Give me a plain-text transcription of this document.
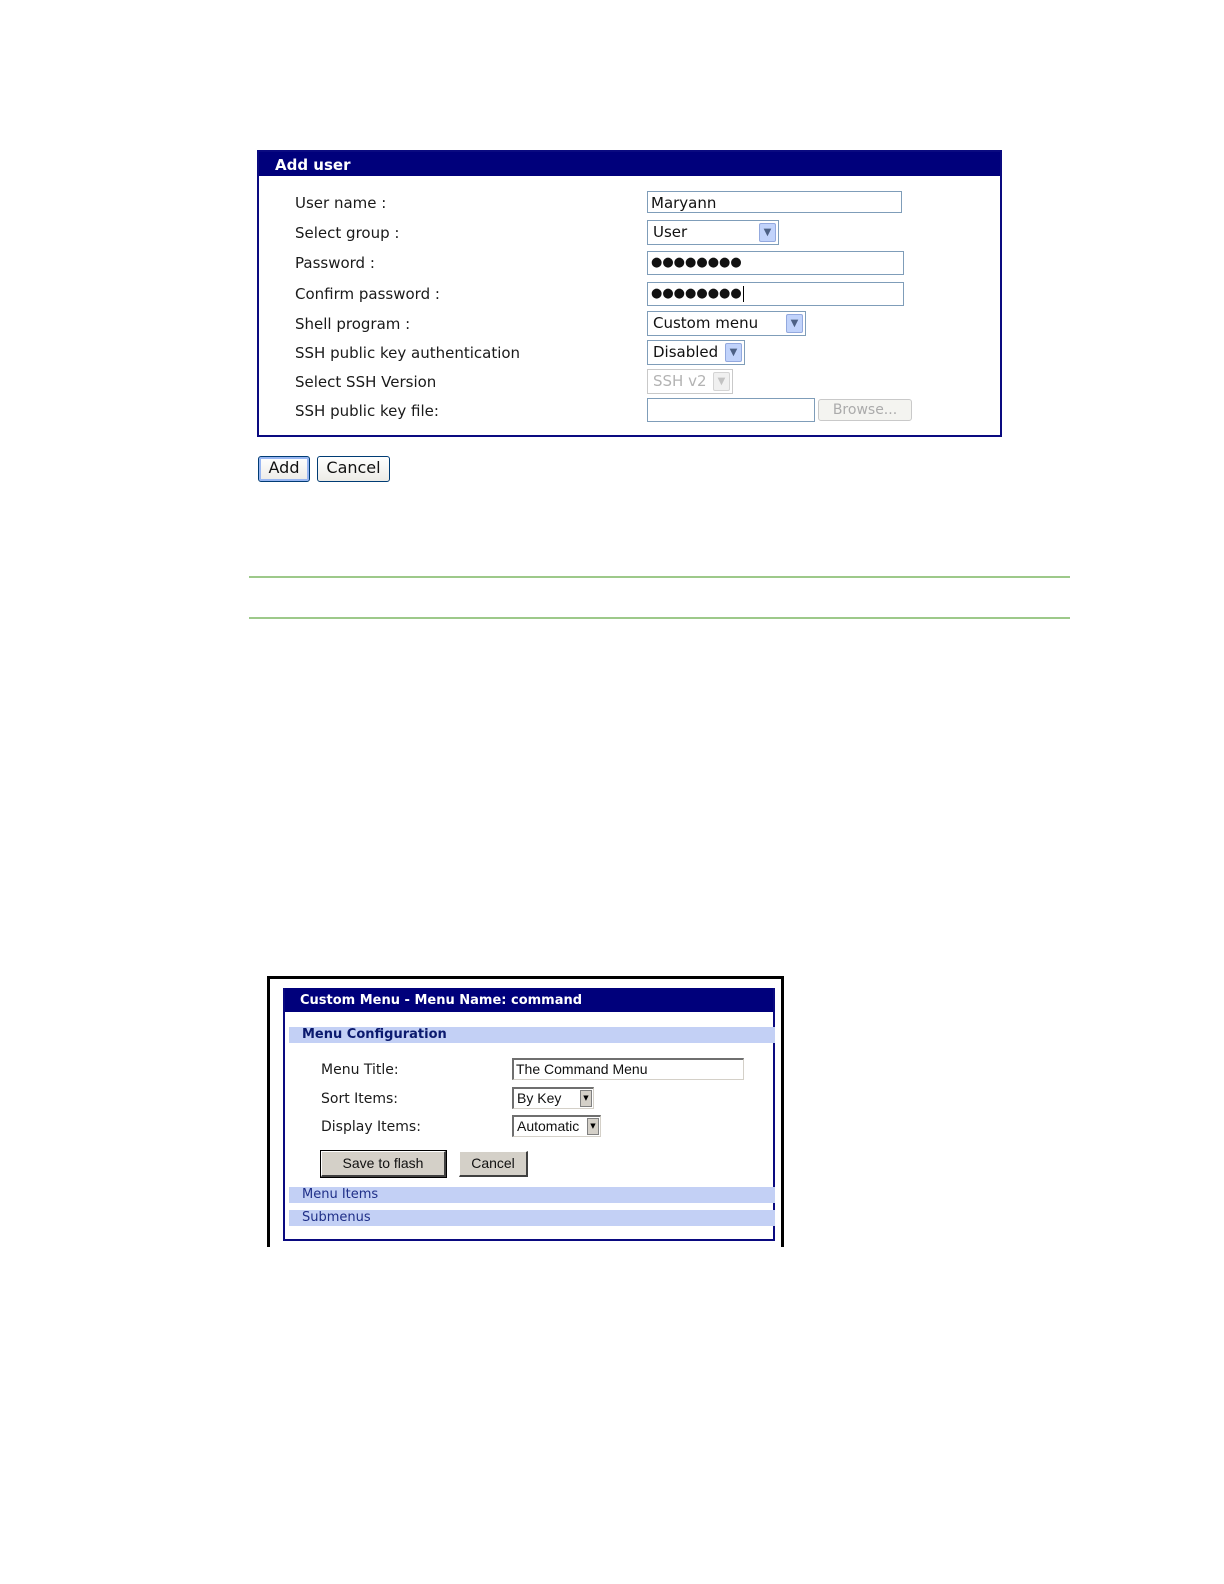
Add user
User name :	Maryann
Select group :	User	▼
Password :	●●●●●●●●
Confirm password :	●●●●●●●●
Shell program :	Custom menu	▼
SSH public key authentication	Disabled	▼
Select SSH Version	SSH v2	▼
SSH public key file:	Browse...
Add	Cancel
Custom Menu - Menu Name: command
Menu Configuration
Menu Title:	The Command Menu
Sort Items:	By Key	▼
Display Items:	Automatic	▼
Save to flash	Cancel
Menu Items
Submenus
